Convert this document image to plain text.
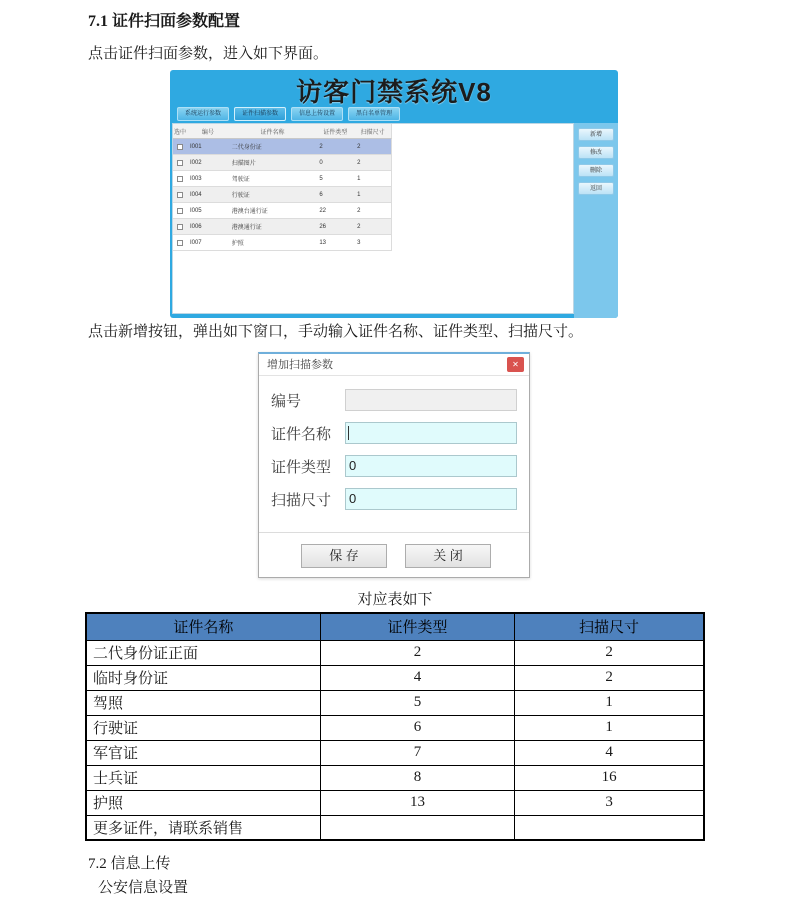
7.1 证件扫面参数配置
点击证件扫面参数，进入如下界面。
访客门禁系统V8
系统运行参数	证件扫描参数	信息上传设置	黑白名单管理
选中	编号	证件名称	证件类型	扫描尺寸
I001	二代身份证	2	2
I002	扫描图片	0	2
I003	驾驶证	5	1
I004	行驶证	6	1
I005	港澳台通行证	22	2
I006	港澳通行证	26	2
I007	护照	13	3
新增
修改
删除
返回
点击新增按钮，弹出如下窗口，手动输入证件名称、证件类型、扫描尺寸。
增加扫描参数	✕
编号
证件名称
证件类型	0
扫描尺寸	0
保 存	关 闭
对应表如下
证件名称	证件类型	扫描尺寸
二代身份证正面	2	2
临时身份证	4	2
驾照	5	1
行驶证	6	1
军官证	7	4
士兵证	8	16
护照	13	3
更多证件，请联系销售		
7.2 信息上传
公安信息设置
